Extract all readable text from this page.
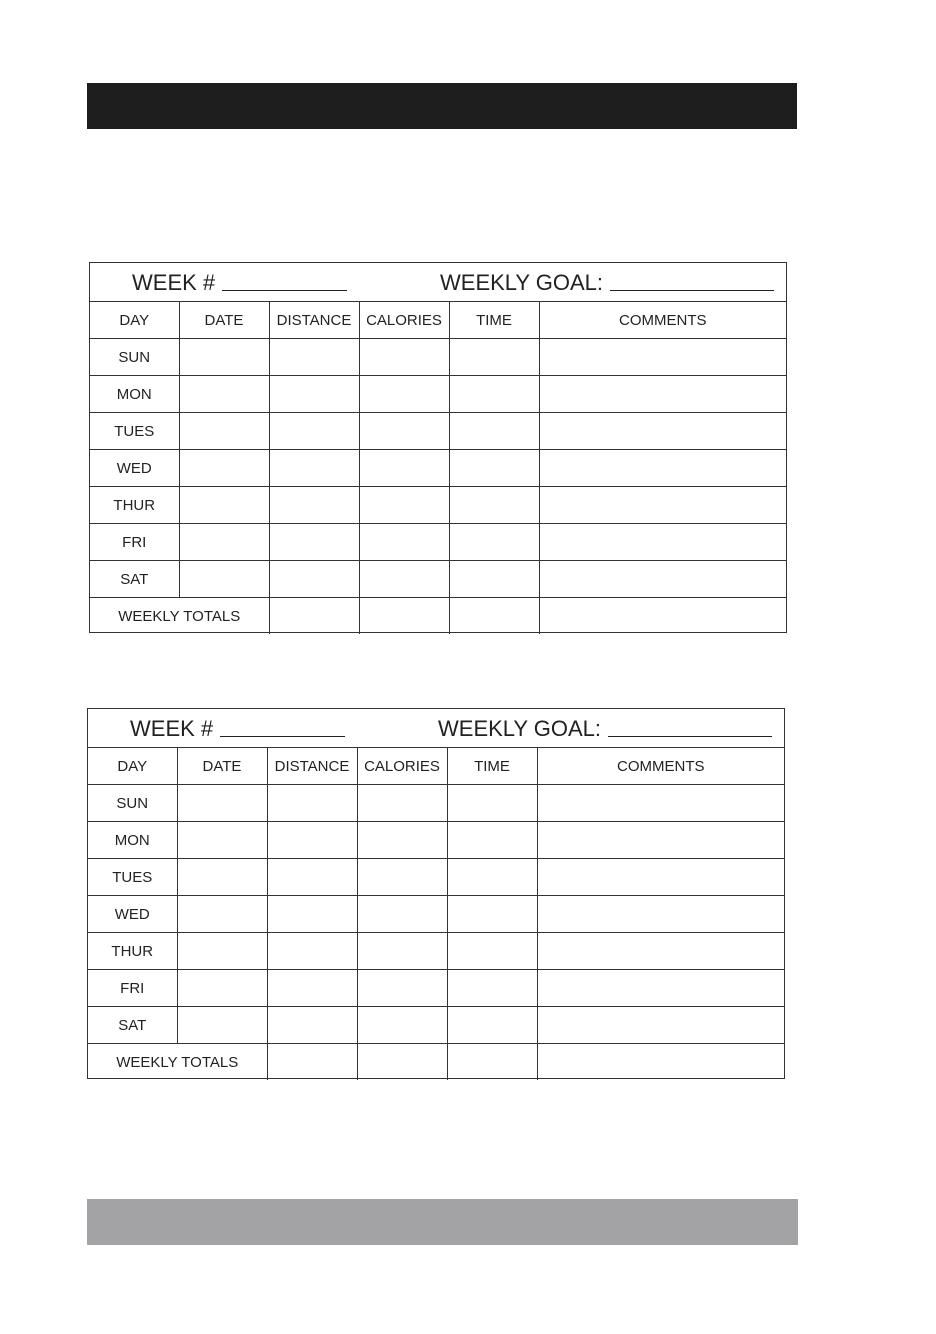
WEEK #	WEEKLY GOAL:
DAY	DATE	DISTANCE	CALORIES	TIME	COMMENTS
SUN					
MON					
TUES					
WED					
THUR					
FRI					
SAT					
WEEKLY TOTALS					
WEEK #	WEEKLY GOAL:
DAY	DATE	DISTANCE	CALORIES	TIME	COMMENTS
SUN					
MON					
TUES					
WED					
THUR					
FRI					
SAT					
WEEKLY TOTALS					
